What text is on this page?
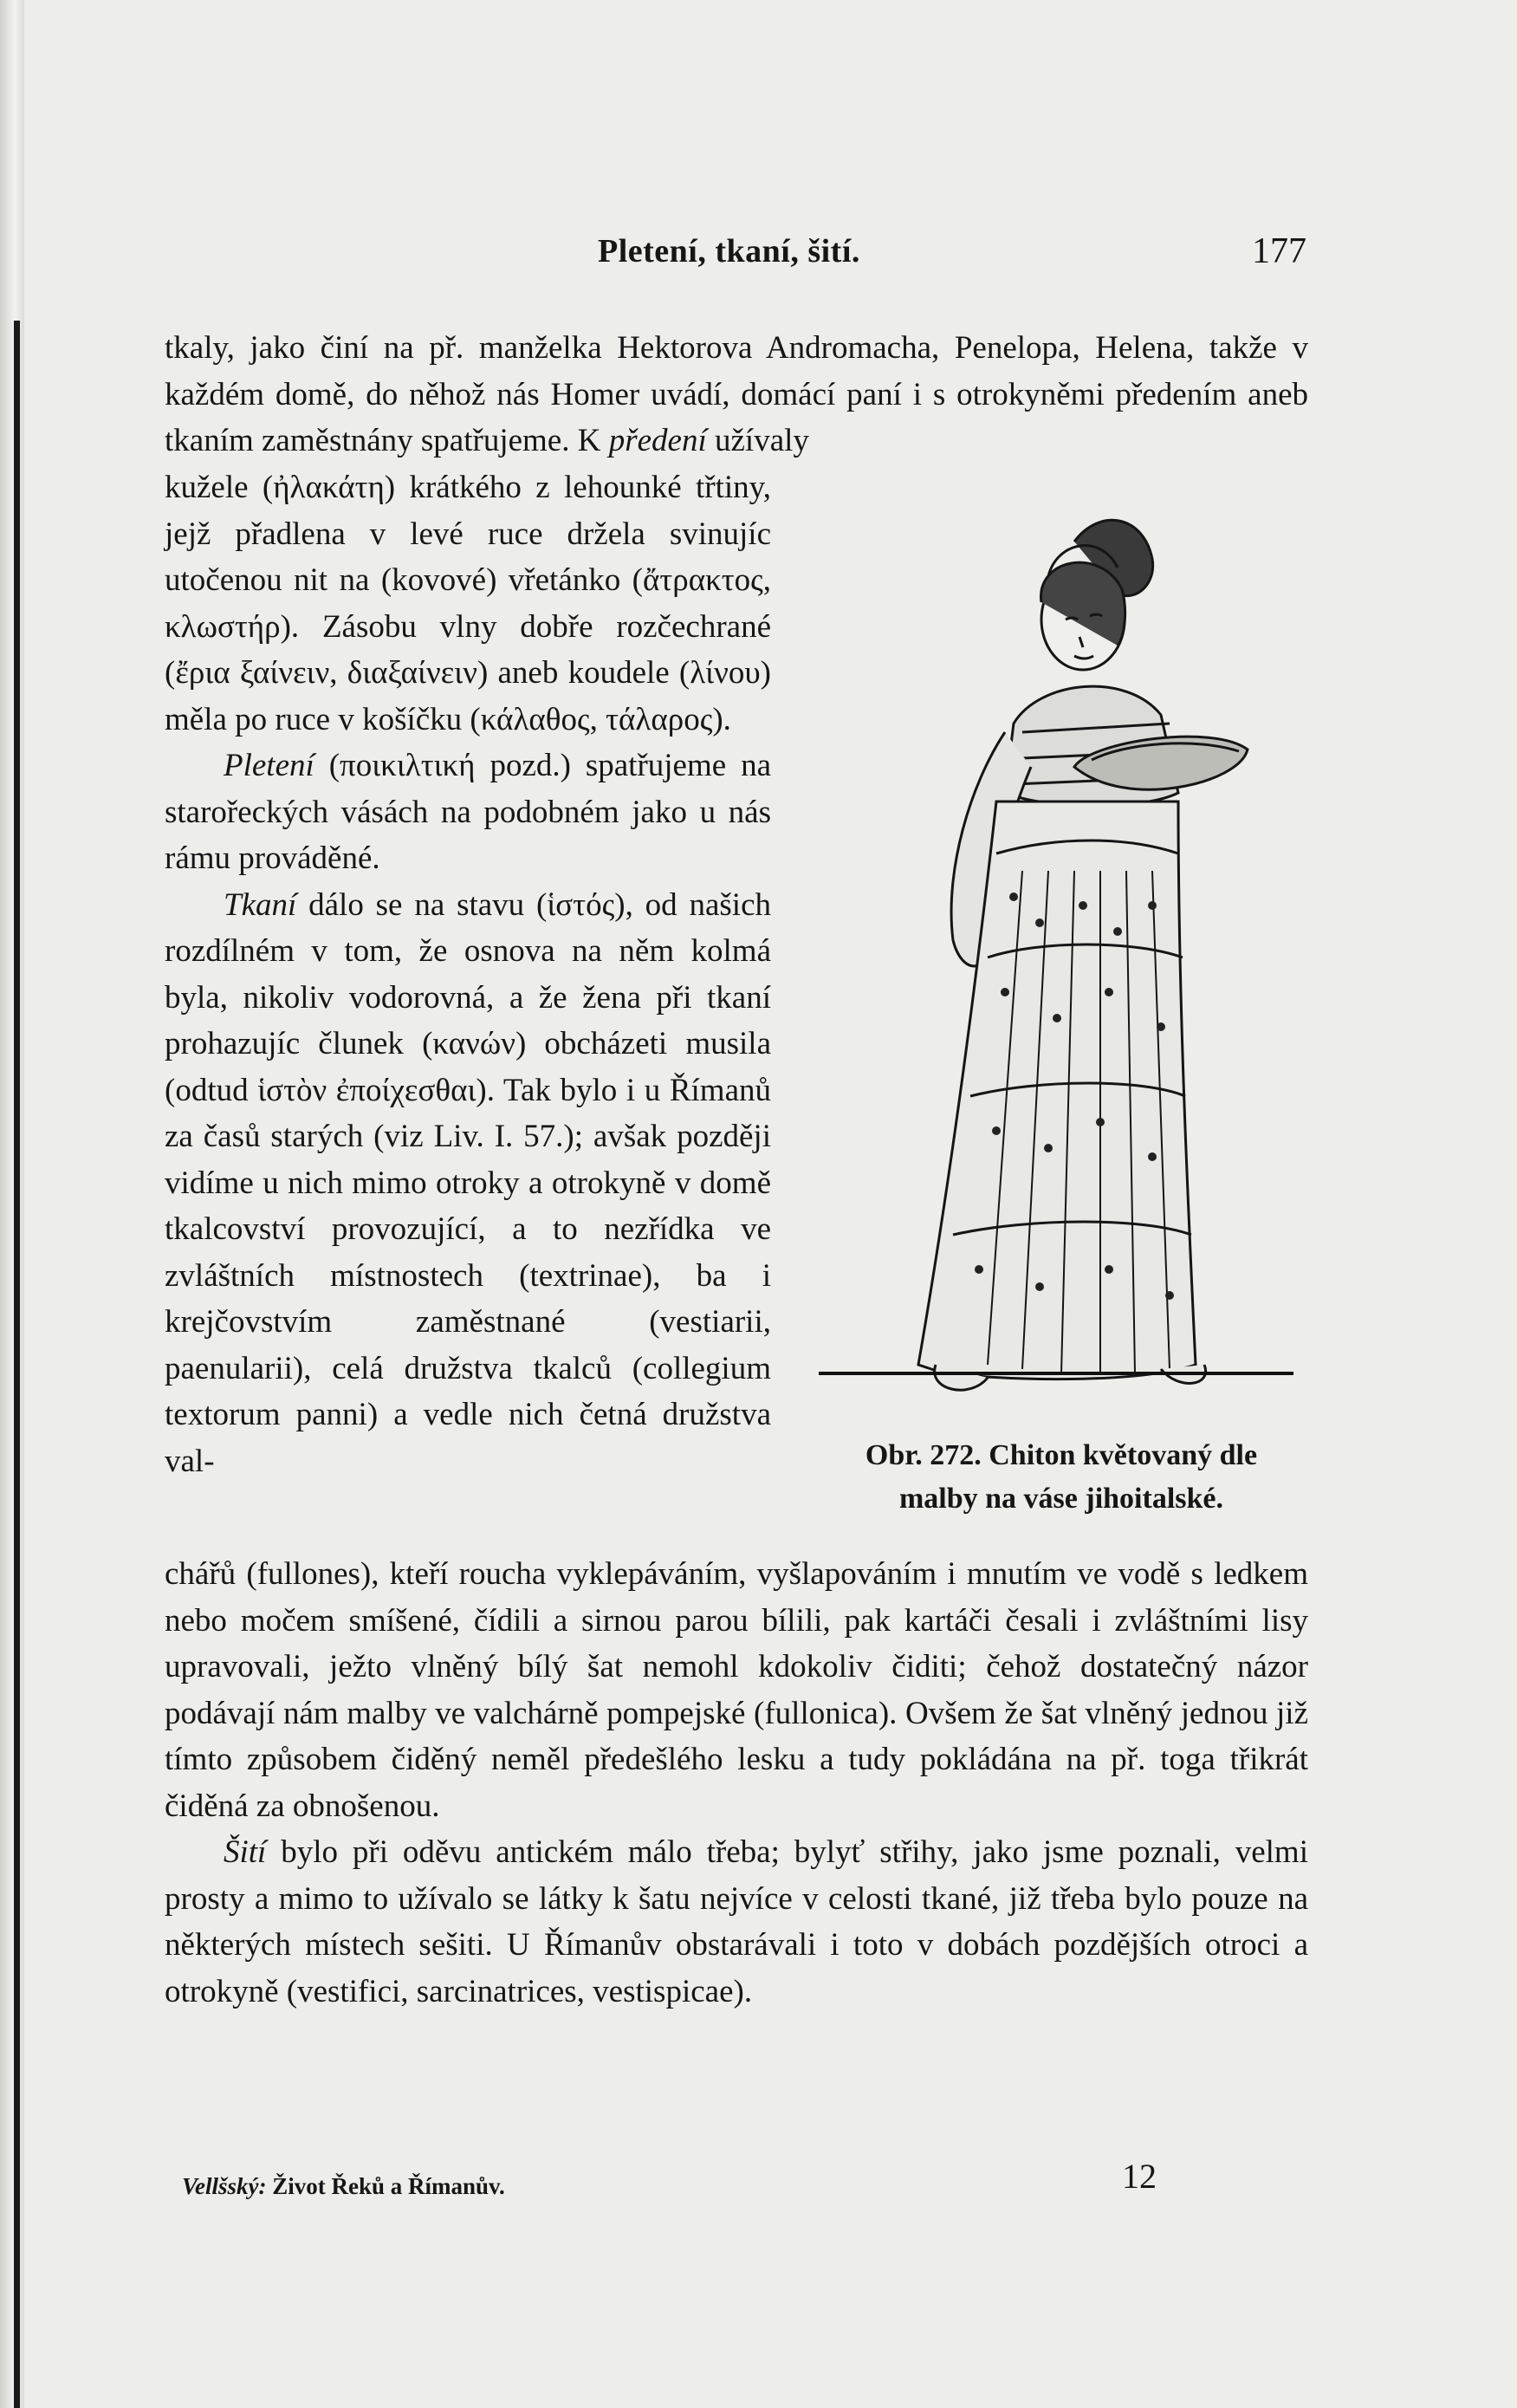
Pletení, tkaní, šití.	177

tkaly, jako činí na př. manželka Hektorova Andromacha, Penelopa, Helena, takže v každém domě, do něhož nás Homer uvádí, domácí paní i s otrokyněmi předením aneb tkaním zaměstnány spatřujeme. K předení užívaly

kužele (ἠλακάτη) krátkého z lehounké třtiny, jejž přadlena v levé ruce držela svinujíc utočenou nit na (kovové) vřetánko (ἄτρακτος, κλωστήρ). Zásobu vlny dobře rozčechrané (ἔρια ξαίνειν, διαξαίνειν) aneb koudele (λίνου) měla po ruce v košíčku (κάλαθος, τάλαρος).

Pletení (ποικιλτική pozd.) spatřujeme na starořeckých vásách na podobném jako u nás rámu prováděné.

Tkaní dálo se na stavu (ἱστός), od našich rozdílném v tom, že osnova na něm kolmá byla, nikoliv vodorovná, a že žena při tkaní prohazujíc člunek (κανών) obcházeti musila (odtud ἱστὸν ἐποίχεσθαι). Tak bylo i u Římanů za časů starých (viz Liv. I. 57.); avšak později vidíme u nich mimo otroky a otrokyně v domě tkalcovství provozující, a to nezřídka ve zvláštních místnostech (textrinae), ba i krejčovstvím zaměstnané (vestiarii, paenularii), celá družstva tkalců (collegium textorum panni) a vedle nich četná družstva val-

chářů (fullones), kteří roucha vyklepáváním, vyšlapováním i mnutím ve vodě s ledkem nebo močem smíšené, čídili a sirnou parou bílili, pak kartáči česali i zvláštními lisy upravovali, ježto vlněný bílý šat nemohl kdokoliv čiditi; čehož dostatečný názor podávají nám malby ve valchárně pompejské (fullonica). Ovšem že šat vlněný jednou již tímto způsobem čiděný neměl předešlého lesku a tudy pokládána na př. toga třikrát čiděná za obnošenou.

Šití bylo při oděvu antickém málo třeba; bylyť střihy, jako jsme poznali, velmi prosty a mimo to užívalo se látky k šatu nejvíce v celosti tkané, již třeba bylo pouze na některých místech sešiti. U Římanův obstarávali i toto v dobách pozdějších otroci a otrokyně (vestifici, sarcinatrices, vestispicae).

Obr. 272. Chiton květovaný dle
malby na váse jihoitalské.
Vellšský: Život Řeků a Římanův.	12
